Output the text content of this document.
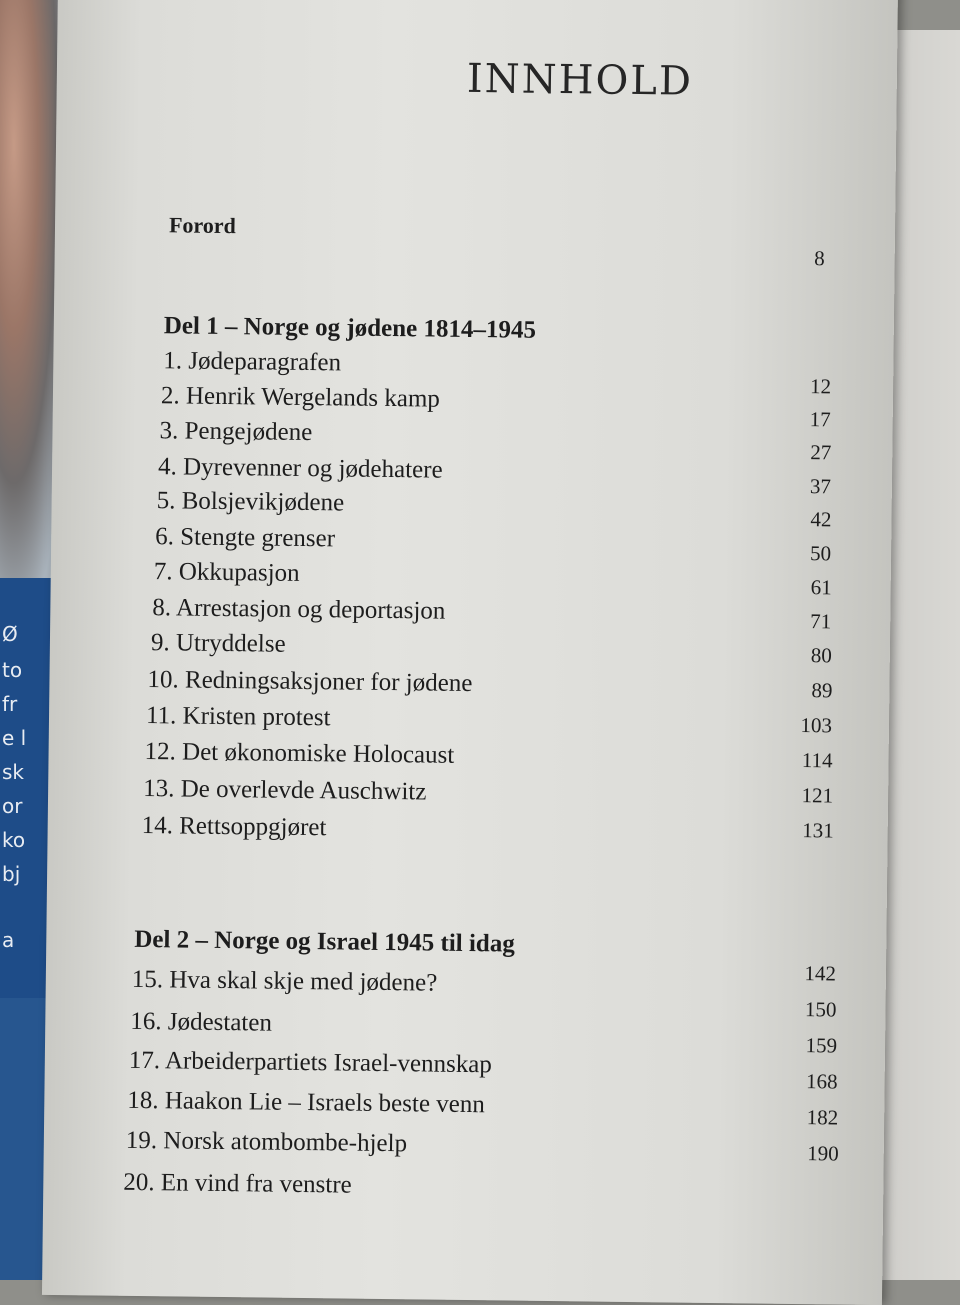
Ø
to
fr
e l
sk
or
ko
bj
a
INNHOLD
Forord
8
Del 1 – Norge og jødene 1814–1945
1. Jødeparagrafen
2. Henrik Wergelands kamp
3. Pengejødene
4. Dyrevenner og jødehatere
5. Bolsjevikjødene
6. Stengte grenser
7. Okkupasjon
8. Arrestasjon og deportasjon
9. Utryddelse
10. Redningsaksjoner for jødene
11. Kristen protest
12. Det økonomiske Holocaust
13. De overlevde Auschwitz
14. Rettsoppgjøret
12
17
27
37
42
50
61
71
80
89
103
114
121
131
Del 2 – Norge og Israel 1945 til idag
15. Hva skal skje med jødene?
16. Jødestaten
17. Arbeiderpartiets Israel-vennskap
18. Haakon Lie – Israels beste venn
19. Norsk atombombe-hjelp
20. En vind fra venstre
142
150
159
168
182
190
